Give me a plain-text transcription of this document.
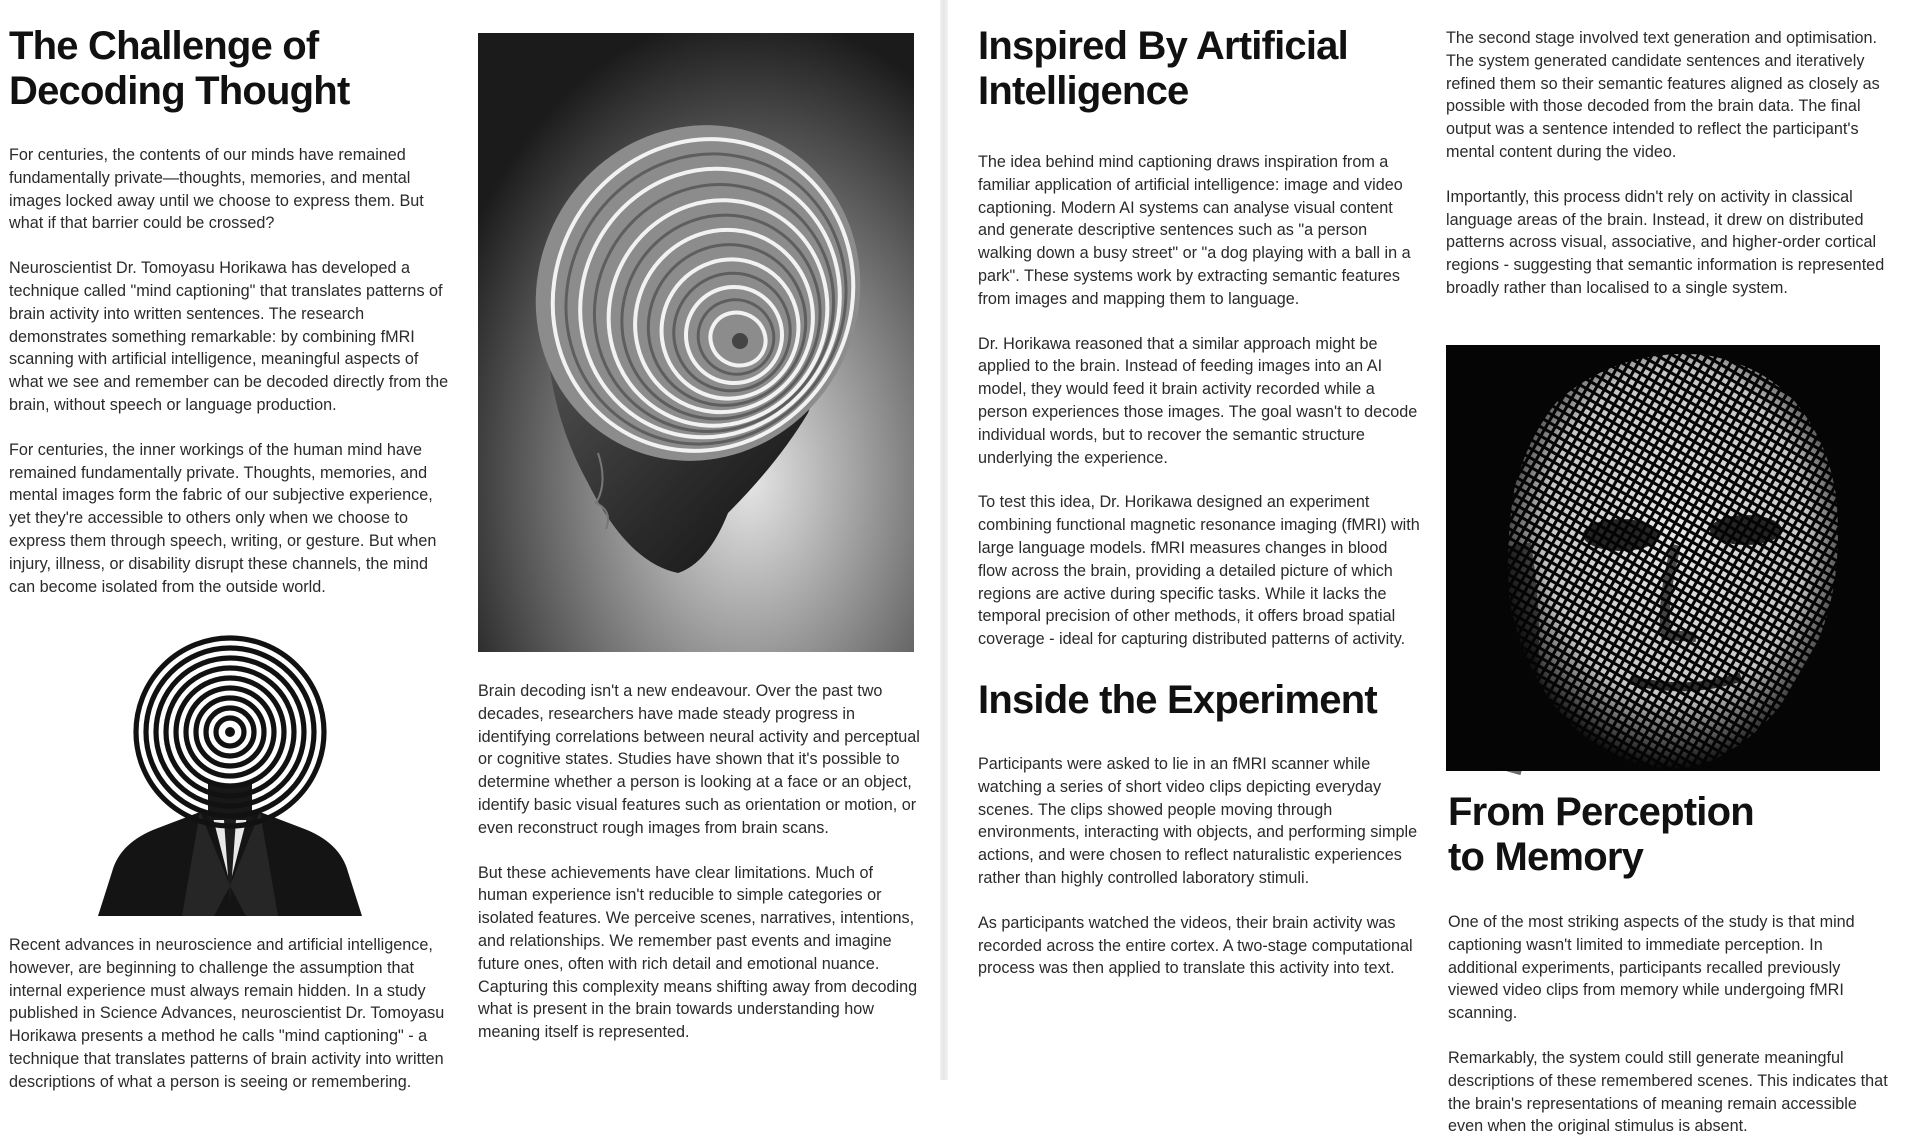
The Challenge of Decoding Thought

For centuries, the contents of our minds have remained fundamentally private—thoughts, memories, and mental images locked away until we choose to express them. But what if that barrier could be crossed?

Neuroscientist Dr. Tomoyasu Horikawa has developed a technique called "mind captioning" that translates patterns of brain activity into written sentences. The research demonstrates something remarkable: by combining fMRI scanning with artificial intelligence, meaningful aspects of what we see and remember can be decoded directly from the brain, without speech or language production.

For centuries, the inner workings of the human mind have remained fundamentally private. Thoughts, memories, and mental images form the fabric of our subjective experience, yet they're accessible to others only when we choose to express them through speech, writing, or gesture. But when injury, illness, or disability disrupt these channels, the mind can become isolated from the outside world.

Recent advances in neuroscience and artificial intelligence, however, are beginning to challenge the assumption that internal experience must always remain hidden. In a study published in Science Advances, neuroscientist Dr. Tomoyasu Horikawa presents a method he calls "mind captioning" - a technique that translates patterns of brain activity into written descriptions of what a person is seeing or remembering.

Brain decoding isn't a new endeavour. Over the past two decades, researchers have made steady progress in identifying correlations between neural activity and perceptual or cognitive states. Studies have shown that it's possible to determine whether a person is looking at a face or an object, identify basic visual features such as orientation or motion, or even reconstruct rough images from brain scans.

But these achievements have clear limitations. Much of human experience isn't reducible to simple categories or isolated features. We perceive scenes, narratives, intentions, and relationships. We remember past events and imagine future ones, often with rich detail and emotional nuance. Capturing this complexity means shifting away from decoding what is present in the brain towards understanding how meaning itself is represented.

Inspired By Artificial Intelligence

The idea behind mind captioning draws inspiration from a familiar application of artificial intelligence: image and video captioning. Modern AI systems can analyse visual content and generate descriptive sentences such as "a person walking down a busy street" or "a dog playing with a ball in a park". These systems work by extracting semantic features from images and mapping them to language.

Dr. Horikawa reasoned that a similar approach might be applied to the brain. Instead of feeding images into an AI model, they would feed it brain activity recorded while a person experiences those images. The goal wasn't to decode individual words, but to recover the semantic structure underlying the experience.

To test this idea, Dr. Horikawa designed an experiment combining functional magnetic resonance imaging (fMRI) with large language models. fMRI measures changes in blood flow across the brain, providing a detailed picture of which regions are active during specific tasks. While it lacks the temporal precision of other methods, it offers broad spatial coverage - ideal for capturing distributed patterns of activity.

Inside the Experiment

Participants were asked to lie in an fMRI scanner while watching a series of short video clips depicting everyday scenes. The clips showed people moving through environments, interacting with objects, and performing simple actions, and were chosen to reflect naturalistic experiences rather than highly controlled laboratory stimuli.

As participants watched the videos, their brain activity was recorded across the entire cortex. A two-stage computational process was then applied to translate this activity into text.

The second stage involved text generation and optimisation. The system generated candidate sentences and iteratively refined them so their semantic features aligned as closely as possible with those decoded from the brain data. The final output was a sentence intended to reflect the participant's mental content during the video.

Importantly, this process didn't rely on activity in classical language areas of the brain. Instead, it drew on distributed patterns across visual, associative, and higher-order cortical regions - suggesting that semantic information is represented broadly rather than localised to a single system.

From Perception to Memory

One of the most striking aspects of the study is that mind captioning wasn't limited to immediate perception. In additional experiments, participants recalled previously viewed video clips from memory while undergoing fMRI scanning.

Remarkably, the system could still generate meaningful descriptions of these remembered scenes. This indicates that the brain's representations of meaning remain accessible even when the original stimulus is absent.
